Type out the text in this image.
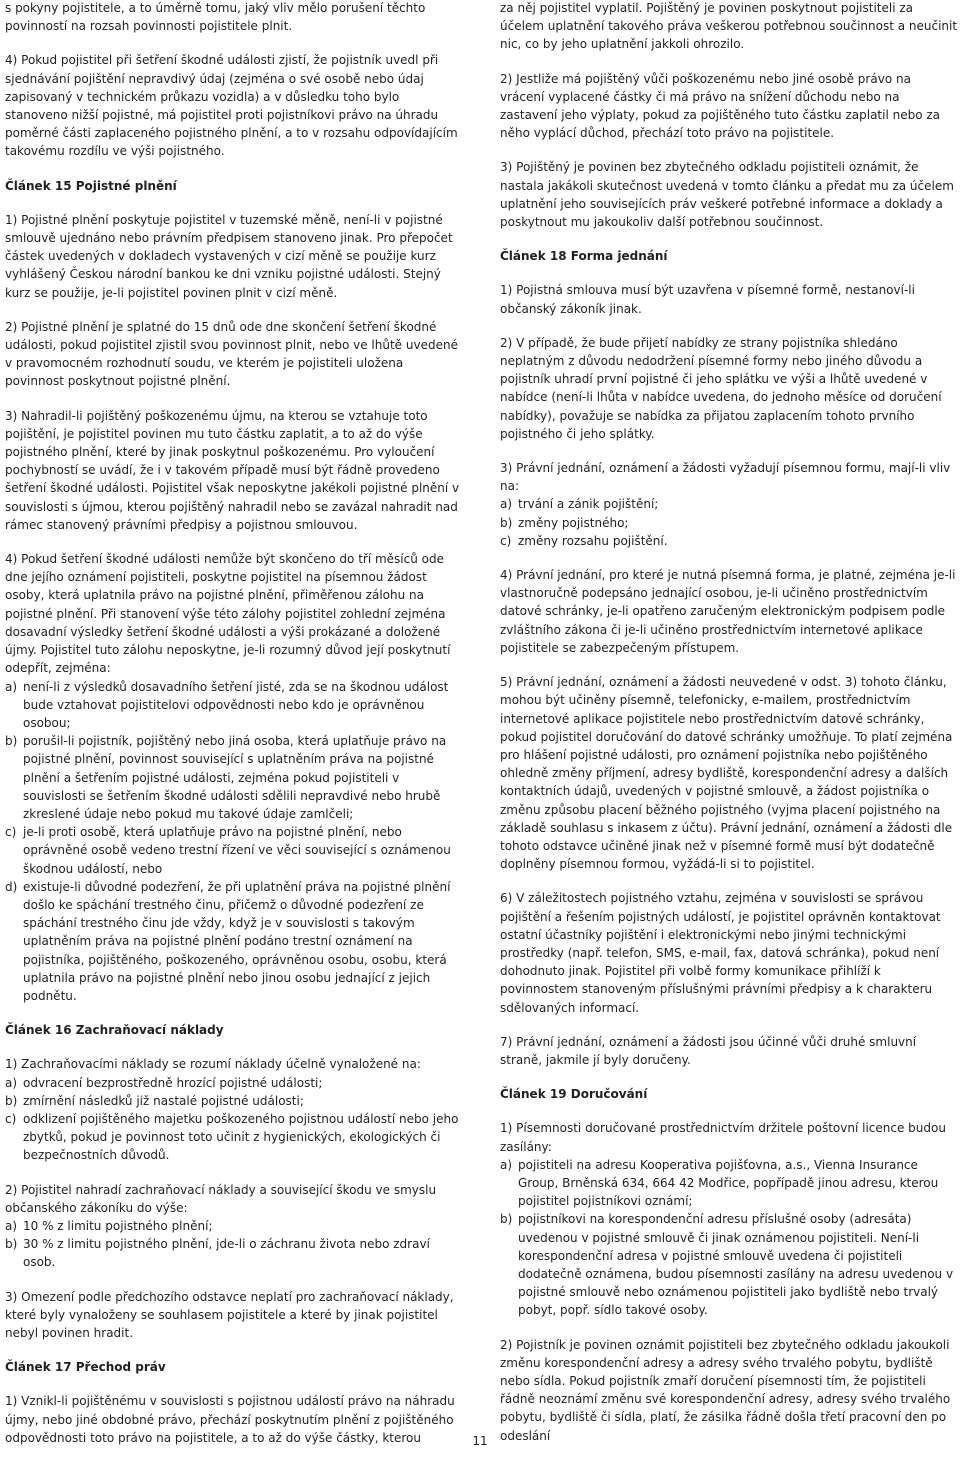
s pokyny pojistitele, a to úměrně tomu, jaký vliv mělo porušení těchto povinností na rozsah povinnosti pojistitele plnit.

4) Pokud pojistitel při šetření škodné události zjistí, že pojistník uvedl při sjednávání pojištění nepravdivý údaj (zejména o své osobě nebo údaj zapisovaný v technickém průkazu vozidla) a v důsledku toho bylo stanoveno nižší pojistné, má pojistitel proti pojistníkovi právo na úhradu poměrné části zaplaceného pojistného plnění, a to v rozsahu odpovídajícím takovému rozdílu ve výši pojistného.

Článek 15 Pojistné plnění

1) Pojistné plnění poskytuje pojistitel v tuzemské měně, není-li v pojistné smlouvě ujednáno nebo právním předpisem stanoveno jinak. Pro přepočet částek uvedených v dokladech vystavených v cizí měně se použije kurz vyhlášený Českou národní bankou ke dni vzniku pojistné události. Stejný kurz se použije, je-li pojistitel povinen plnit v cizí měně.

2) Pojistné plnění je splatné do 15 dnů ode dne skončení šetření škodné události, pokud pojistitel zjistil svou povinnost plnit, nebo ve lhůtě uvedené v pravomocném rozhodnutí soudu, ve kterém je pojistiteli uložena povinnost poskytnout pojistné plnění.

3) Nahradil-li pojištěný poškozenému újmu, na kterou se vztahuje toto pojištění, je pojistitel povinen mu tuto částku zaplatit, a to až do výše pojistného plnění, které by jinak poskytnul poškozenému. Pro vyloučení pochybností se uvádí, že i v takovém případě musí být řádně provedeno šetření škodné události. Pojistitel však neposkytne jakékoli pojistné plnění v souvislosti s újmou, kterou pojištěný nahradil nebo se zavázal nahradit nad rámec stanovený právními předpisy a pojistnou smlouvou.

4) Pokud šetření škodné události nemůže být skončeno do tří měsíců ode dne jejího oznámení pojistiteli, poskytne pojistitel na písemnou žádost osoby, která uplatnila právo na pojistné plnění, přiměřenou zálohu na pojistné plnění. Při stanovení výše této zálohy pojistitel zohlední zejména dosavadní výsledky šetření škodné události a výši prokázané a doložené újmy. Pojistitel tuto zálohu neposkytne, je-li rozumný důvod její poskytnutí odepřít, zejména:

a) není-li z výsledků dosavadního šetření jisté, zda se na škodnou událost bude vztahovat pojistitelovi odpovědnosti nebo kdo je oprávněnou osobou;
b) porušil-li pojistník, pojištěný nebo jiná osoba, která uplatňuje právo na pojistné plnění, povinnost související s uplatněním práva na pojistné plnění a šetřením pojistné události, zejména pokud pojistiteli v souvislosti se šetřením škodné události sdělili nepravdivé nebo hrubě zkreslené údaje nebo pokud mu takové údaje zamlčeli;
c) je-li proti osobě, která uplatňuje právo na pojistné plnění, nebo oprávněné osobě vedeno trestní řízení ve věci související s oznámenou škodnou událostí, nebo
d) existuje-li důvodné podezření, že při uplatnění práva na pojistné plnění došlo ke spáchání trestného činu, přičemž o důvodné podezření ze spáchání trestného činu jde vždy, když je v souvislosti s takovým uplatněním práva na pojistné plnění podáno trestní oznámení na pojistníka, pojištěného, poškozeného, oprávněnou osobu, osobu, která uplatnila právo na pojistné plnění nebo jinou osobu jednající z jejich podnětu.
Článek 16 Zachraňovací náklady

1) Zachraňovacími náklady se rozumí náklady účelně vynaložené na:

a) odvracení bezprostředně hrozící pojistné události;
b) zmírnění následků již nastalé pojistné události;
c) odklizení pojištěného majetku poškozeného pojistnou událostí nebo jeho zbytků, pokud je povinnost toto učinit z hygienických, ekologických či bezpečnostních důvodů.

2) Pojistitel nahradí zachraňovací náklady a související škodu ve smyslu občanského zákoníku do výše:

a) 10 % z limitu pojistného plnění;
b) 30 % z limitu pojistného plnění, jde-li o záchranu života nebo zdraví osob.

3) Omezení podle předchozího odstavce neplatí pro zachraňovací náklady, které byly vynaloženy se souhlasem pojistitele a které by jinak pojistitel nebyl povinen hradit.

Článek 17 Přechod práv

1) Vznikl-li pojištěnému v souvislosti s pojistnou událostí právo na náhradu újmy, nebo jiné obdobné právo, přechází poskytnutím plnění z pojištěného odpovědnosti toto právo na pojistitele, a to až do výše částky, kterou

za něj pojistitel vyplatil. Pojištěný je povinen poskytnout pojistiteli za účelem uplatnění takového práva veškerou potřebnou součinnost a neučinit nic, co by jeho uplatnění jakkoli ohrozilo.

2) Jestliže má pojištěný vůči poškozenému nebo jiné osobě právo na vrácení vyplacené částky či má právo na snížení důchodu nebo na zastavení jeho výplaty, pokud za pojištěného tuto částku zaplatil nebo za něho vyplácí důchod, přechází toto právo na pojistitele.

3) Pojištěný je povinen bez zbytečného odkladu pojistiteli oznámit, že nastala jakákoli skutečnost uvedená v tomto článku a předat mu za účelem uplatnění jeho souvisejících práv veškeré potřebné informace a doklady a poskytnout mu jakoukoliv další potřebnou součinnost.

Článek 18 Forma jednání

1) Pojistná smlouva musí být uzavřena v písemné formě, nestanoví-li občanský zákoník jinak.

2) V případě, že bude přijetí nabídky ze strany pojistníka shledáno neplatným z důvodu nedodržení písemné formy nebo jiného důvodu a pojistník uhradí první pojistné či jeho splátku ve výši a lhůtě uvedené v nabídce (není-li lhůta v nabídce uvedena, do jednoho měsíce od doručení nabídky), považuje se nabídka za přijatou zaplacením tohoto prvního pojistného či jeho splátky.

3) Právní jednání, oznámení a žádosti vyžadují písemnou formu, mají-li vliv na:

a) trvání a zánik pojištění;
b) změny pojistného;
c) změny rozsahu pojištění.

4) Právní jednání, pro které je nutná písemná forma, je platné, zejména je-li vlastnoručně podepsáno jednající osobou, je-li učiněno prostřednictvím datové schránky, je-li opatřeno zaručeným elektronickým podpisem podle zvláštního zákona či je-li učiněno prostřednictvím internetové aplikace pojistitele se zabezpečeným přístupem.

5) Právní jednání, oznámení a žádosti neuvedené v odst. 3) tohoto článku, mohou být učiněny písemně, telefonicky, e-mailem, prostřednictvím internetové aplikace pojistitele nebo prostřednictvím datové schránky, pokud pojistitel doručování do datové schránky umožňuje. To platí zejména pro hlášení pojistné události, pro oznámení pojistníka nebo pojištěného ohledně změny příjmení, adresy bydliště, korespondenční adresy a dalších kontaktních údajů, uvedených v pojistné smlouvě, a žádost pojistníka o změnu způsobu placení běžného pojistného (vyjma placení pojistného na základě souhlasu s inkasem z účtu). Právní jednání, oznámení a žádosti dle tohoto odstavce učiněné jinak než v písemné formě musí být dodatečně doplněny písemnou formou, vyžádá-li si to pojistitel.

6) V záležitostech pojistného vztahu, zejména v souvislosti se správou pojištění a řešením pojistných událostí, je pojistitel oprávněn kontaktovat ostatní účastníky pojištění i elektronickými nebo jinými technickými prostředky (např. telefon, SMS, e-mail, fax, datová schránka), pokud není dohodnuto jinak. Pojistitel při volbě formy komunikace přihlíží k povinnostem stanoveným příslušnými právními předpisy a k charakteru sdělovaných informací.

7) Právní jednání, oznámení a žádosti jsou účinné vůči druhé smluvní straně, jakmile jí byly doručeny.

Článek 19 Doručování

1) Písemnosti doručované prostřednictvím držitele poštovní licence budou zasílány:

a) pojistiteli na adresu Kooperativa pojišťovna, a.s., Vienna Insurance Group, Brněnská 634, 664 42 Modřice, popřípadě jinou adresu, kterou pojistitel pojistníkovi oznámí;
b) pojistníkovi na korespondenční adresu příslušné osoby (adresáta) uvedenou v pojistné smlouvě či jinak oznámenou pojistiteli. Není-li korespondenční adresa v pojistné smlouvě uvedena či pojistiteli dodatečně oznámena, budou písemnosti zasílány na adresu uvedenou v pojistné smlouvě nebo oznámenou pojistiteli jako bydliště nebo trvalý pobyt, popř. sídlo takové osoby.

2) Pojistník je povinen oznámit pojistiteli bez zbytečného odkladu jakoukoli změnu korespondenční adresy a adresy svého trvalého pobytu, bydliště nebo sídla. Pokud pojistník zmaří doručení písemnosti tím, že pojistiteli řádně neoznámí změnu své korespondenční adresy, adresy svého trvalého pobytu, bydliště či sídla, platí, že zásilka řádně došla třetí pracovní den po odeslání

11
